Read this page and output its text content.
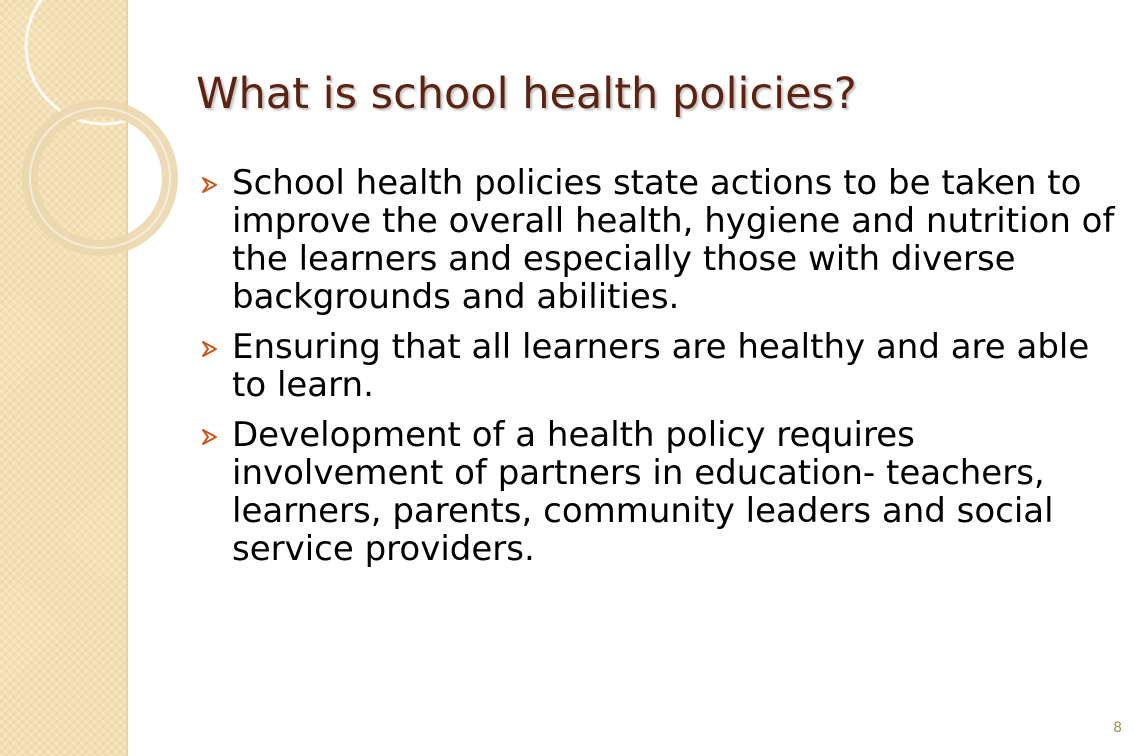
What is school health policies?
School health policies state actions to be taken to improve the overall health, hygiene and nutrition of the learners and especially those with diverse backgrounds and abilities.
Ensuring that all learners are healthy and are able to learn.
Development of a health policy requires involvement of partners in education- teachers, learners, parents, community leaders and social service providers.
8
